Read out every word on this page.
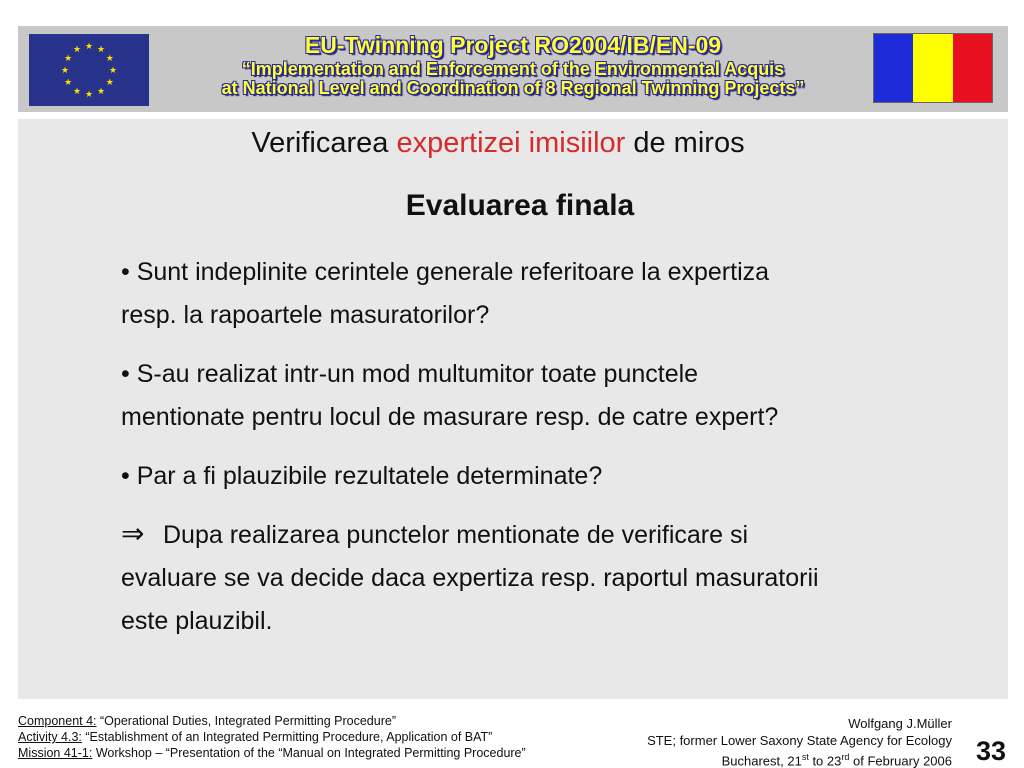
★ ★
★
★
★
★
★
★
★
★
★
★	EU-Twinning Project RO2004/IB/EN-09
“Implementation and Enforcement of the Environmental Acquis
at National Level and Coordination of 8 Regional Twinning Projects”
Verificarea expertizei imisiilor de miros
Evaluarea finala
• Sunt indeplinite cerintele generale referitoare la expertiza
resp. la rapoartele masuratorilor?
• S-au realizat intr-un mod multumitor toate punctele
mentionate pentru locul de masurare resp. de catre expert?
• Par a fi plauzibile rezultatele determinate?
⇒ Dupa realizarea punctelor mentionate de verificare si
evaluare se va decide daca expertiza resp. raportul masuratorii
este plauzibil.
Component 4: “Operational Duties, Integrated Permitting Procedure”
Activity 4.3: “Establishment of an Integrated Permitting Procedure, Application of BAT”
Mission 41-1: Workshop – “Presentation of the “Manual on Integrated Permitting Procedure”
Wolfgang J.Müller
STE; former Lower Saxony State Agency for Ecology
Bucharest, 21st to 23rd of February 2006 33
